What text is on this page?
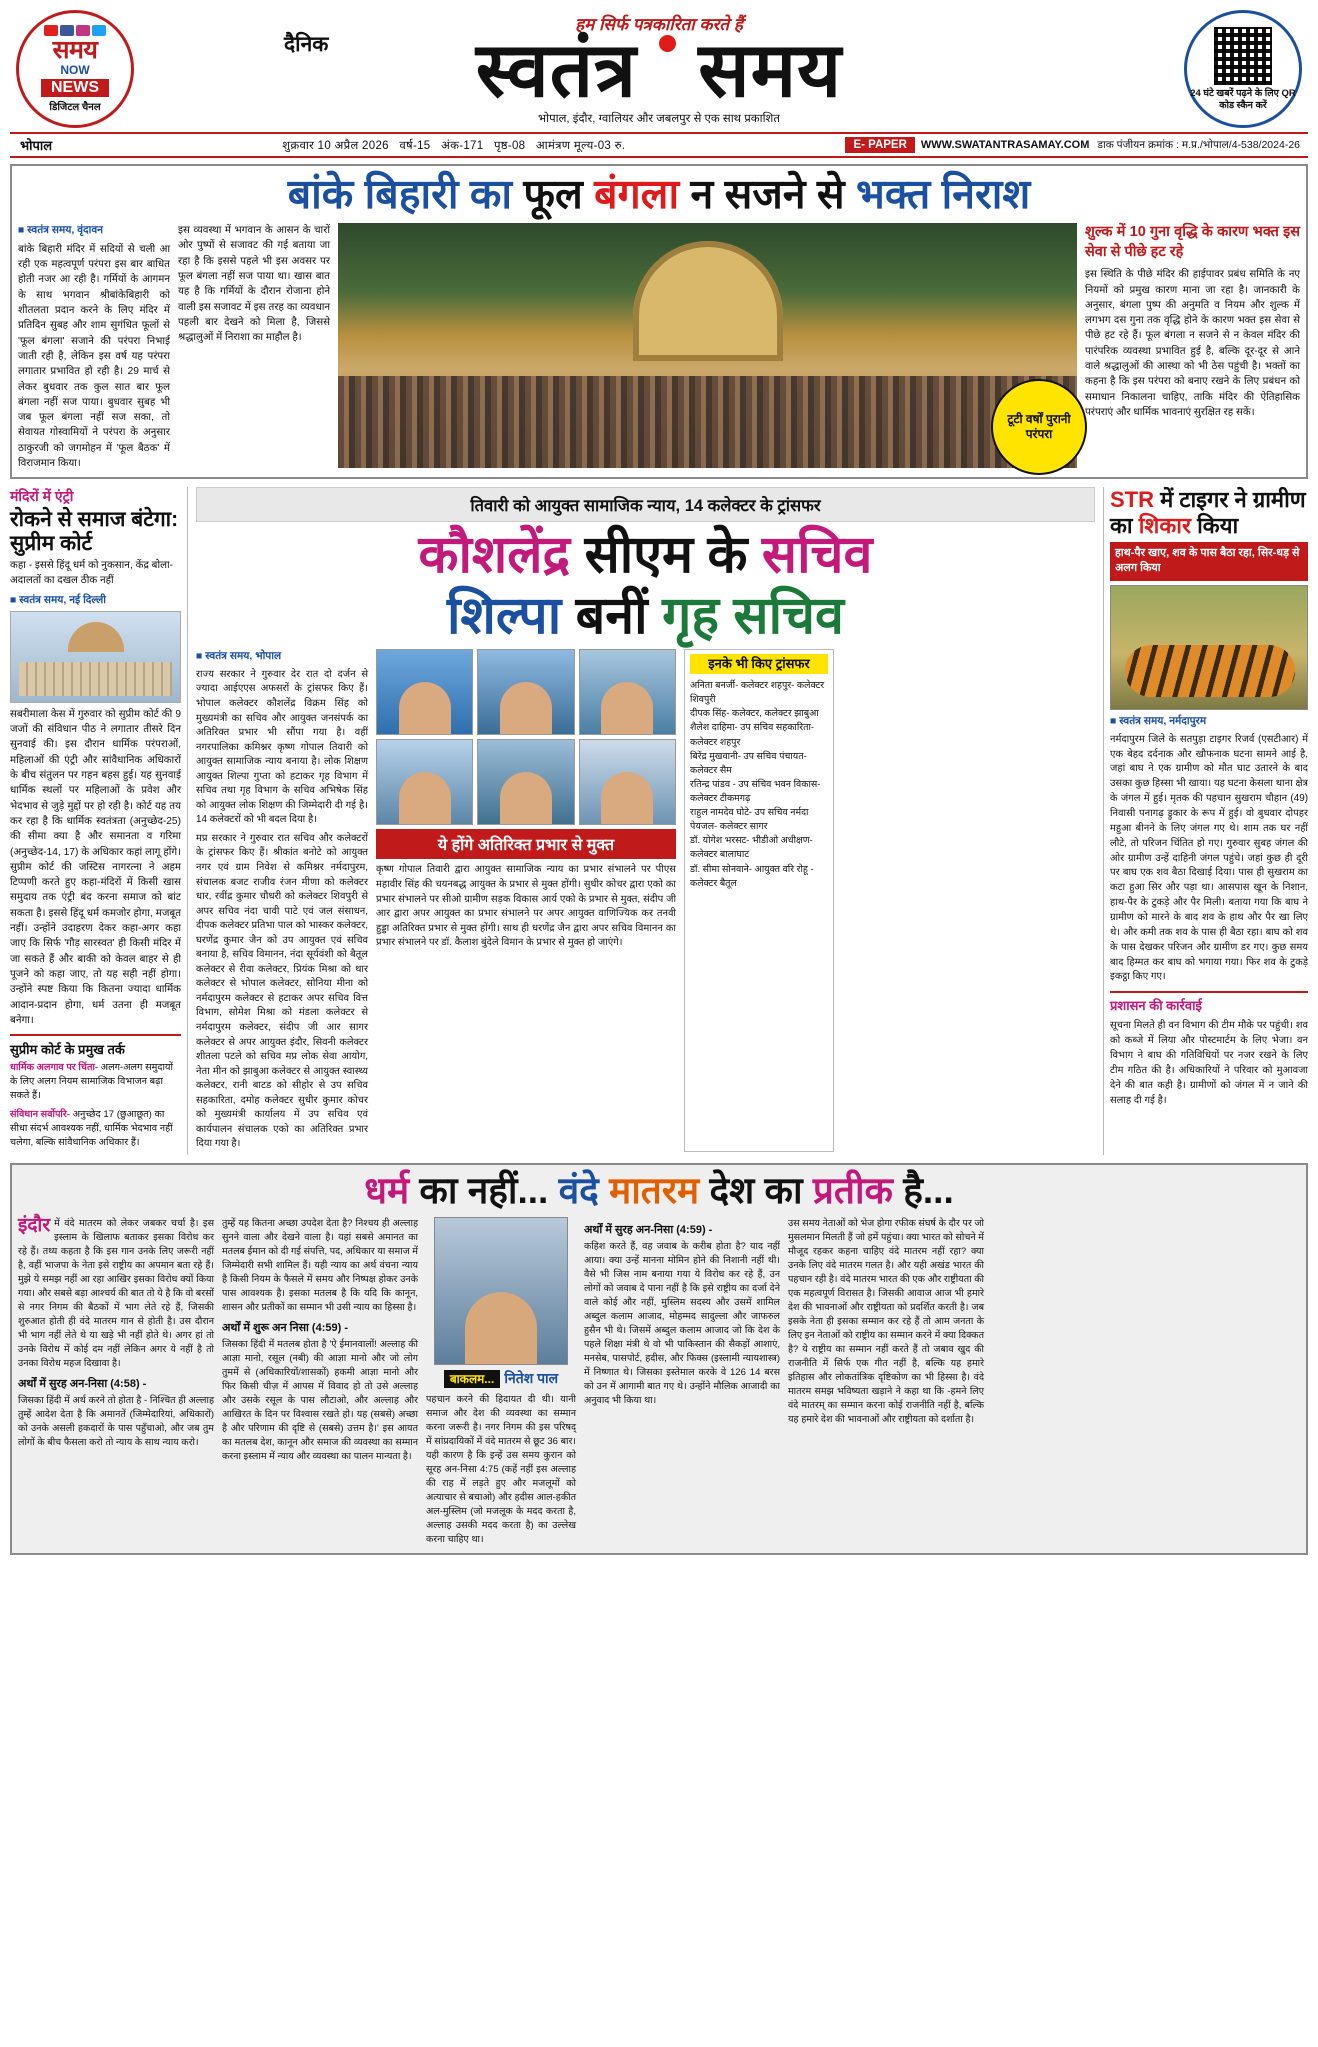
समय
NOW
NEWS
डिजिटल चैनल
दैनिक
हम सिर्फ पत्रकारिता करते हैं
स्वतंत्र समय
भोपाल, इंदौर, ग्वालियर और जबलपुर से एक साथ प्रकाशित
24 घंटे खबरें पढ़ने के लिए QR कोड स्कैन करें
भोपाल	शुक्रवार 10 अप्रैल 2026 वर्ष-15 अंक-171 पृष्ठ-08 आमंत्रण मूल्य-03 रु.	E- PAPER	WWW.SWATANTRASAMAY.COM डाक पंजीयन क्रमांक : म.प्र./भोपाल/4-538/2024-26
बांके बिहारी का फूल बंगला न सजने से भक्त निराश
■ स्वतंत्र समय, वृंदावन
बांके बिहारी मंदिर में सदियों से चली आ रही एक महत्वपूर्ण परंपरा इस बार बाधित होती नजर आ रही है। गर्मियों के आगमन के साथ भगवान श्रीबांकेबिहारी को शीतलता प्रदान करने के लिए मंदिर में प्रतिदिन सुबह और शाम सुगंधित फूलों से 'फूल बंगला' सजाने की परंपरा निभाई जाती रही है, लेकिन इस वर्ष यह परंपरा लगातार प्रभावित हो रही है। 29 मार्च से लेकर बुधवार तक कुल सात बार फूल बंगला नहीं सज पाया। बुधवार सुबह भी जब फूल बंगला नहीं सज सका, तो सेवायत गोस्वामियों ने परंपरा के अनुसार ठाकुरजी को जगमोहन में 'फूल बैठक' में विराजमान किया।
इस व्यवस्था में भगवान के आसन के चारों ओर पुष्पों से सजावट की गई बताया जा रहा है कि इससे पहले भी इस अवसर पर फूल बंगला नहीं सज पाया था। खास बात यह है कि गर्मियों के दौरान रोजाना होने वाली इस सजावट में इस तरह का व्यवधान पहली बार देखने को मिला है, जिससे श्रद्धालुओं में निराशा का माहौल है।
टूटी वर्षों पुरानी परंपरा
शुल्क में 10 गुना वृद्धि के कारण भक्त इस सेवा से पीछे हट रहे
इस स्थिति के पीछे मंदिर की हाईपावर प्रबंध समिति के नए नियमों को प्रमुख कारण माना जा रहा है। जानकारी के अनुसार, बंगला पुष्प की अनुमति व नियम और शुल्क में लगभग दस गुना तक वृद्धि होने के कारण भक्त इस सेवा से पीछे हट रहे हैं। फूल बंगला न सजने से न केवल मंदिर की पारंपरिक व्यवस्था प्रभावित हुई है, बल्कि दूर-दूर से आने वाले श्रद्धालुओं की आस्था को भी ठेस पहुंची है। भक्तों का कहना है कि इस परंपरा को बनाए रखने के लिए प्रबंधन को समाधान निकालना चाहिए, ताकि मंदिर की ऐतिहासिक परंपराएं और धार्मिक भावनाएं सुरक्षित रह सकें।
मंदिरों में एंट्री
रोकने से समाज बंटेगा: सुप्रीम कोर्ट
कहा - इससे हिंदू धर्म को नुकसान, केंद्र बोला-अदालतों का दखल ठीक नहीं
■ स्वतंत्र समय, नई दिल्ली
सबरीमाला केस में गुरुवार को सुप्रीम कोर्ट की 9 जजों की संविधान पीठ ने लगातार तीसरे दिन सुनवाई की। इस दौरान धार्मिक परंपराओं, महिलाओं की एंट्री और सांवैधानिक अधिकारों के बीच संतुलन पर गहन बहस हुई। यह सुनवाई धार्मिक स्थलों पर महिलाओं के प्रवेश और भेदभाव से जुड़े मुद्दों पर हो रही है। कोर्ट यह तय कर रहा है कि धार्मिक स्वतंत्रता (अनुच्छेद-25) की सीमा क्या है और समानता व गरिमा (अनुच्छेद-14, 17) के अधिकार कहां लागू होंगे। सुप्रीम कोर्ट की जस्टिस नागरत्ना ने अहम टिप्पणी करते हुए कहा-मंदिरों में किसी खास समुदाय तक एंट्री बंद करना समाज को बांट सकता है। इससे हिंदू धर्म कमजोर होगा, मजबूत नहीं। उन्होंने उदाहरण देकर कहा-अगर कहा जाए कि सिर्फ 'गौड़ सारस्वत' ही किसी मंदिर में जा सकते हैं और बाकी को केवल बाहर से ही पूजने को कहा जाए, तो यह सही नहीं होगा। उन्होंने स्पष्ट किया कि कितना ज्यादा धार्मिक आदान-प्रदान होगा, धर्म उतना ही मजबूत बनेगा।
सुप्रीम कोर्ट के प्रमुख तर्क
धार्मिक अलगाव पर चिंता- अलग-अलग समुदायों के लिए अलग नियम सामाजिक विभाजन बढ़ा सकते हैं।
संविधान सर्वोपरि- अनुच्छेद 17 (छुआछूत) का सीधा संदर्भ आवश्यक नहीं, धार्मिक भेदभाव नहीं चलेगा, बल्कि सांवैधानिक अधिकार हैं।
तिवारी को आयुक्त सामाजिक न्याय, 14 कलेक्टर के ट्रांसफर
कौशलेंद्र सीएम के सचिव
शिल्पा बनीं गृह सचिव
■ स्वतंत्र समय, भोपाल
राज्य सरकार ने गुरुवार देर रात दो दर्जन से ज्यादा आईएएस अफसरों के ट्रांसफर किए हैं। भोपाल कलेक्टर कौशलेंद्र विक्रम सिंह को मुख्यमंत्री का सचिव और आयुक्त जनसंपर्क का अतिरिक्त प्रभार भी सौंपा गया है। वहीं नगरपालिका कमिश्नर कृष्ण गोपाल तिवारी को आयुक्त सामाजिक न्याय बनाया है। लोक शिक्षण आयुक्त शिल्पा गुप्ता को हटाकर गृह विभाग में सचिव तथा गृह विभाग के सचिव अभिषेक सिंह को आयुक्त लोक शिक्षण की जिम्मेदारी दी गई है। 14 कलेक्टरों को भी बदल दिया है।
मप्र सरकार ने गुरुवार रात सचिव और कलेक्टरों के ट्रांसफर किए हैं। श्रीकांत बनोटे को आयुक्त नगर एवं ग्राम निवेश से कमिश्नर नर्मदापुरम, संचालक बजट राजीव रंजन मीणा को कलेक्टर धार, रवींद्र कुमार चौधरी को कलेक्टर शिवपुरी से अपर सचिव नंदा चावी पाटे एवं जल संसाधन, दीपक कलेक्टर प्रतिभा पाल को भास्कर कलेक्टर, घरणेंद्र कुमार जैन को उप आयुक्त एवं सचिव बनाया है, सचिव विमानन, नंदा सूर्यवंशी को बैतूल कलेक्टर से रीवा कलेक्टर, प्रियंक मिश्रा को थार कलेक्टर से भोपाल कलेक्टर, सोनिया मीना को नर्मदापुरम कलेक्टर से हटाकर अपर सचिव वित्त विभाग, सोमेश मिश्रा को मंडला कलेक्टर से नर्मदापुरम कलेक्टर, संदीप जी आर सागर कलेक्टर से अपर आयुक्त इंदौर, सिवनी कलेक्टर शीतला पटले को सचिव मप्र लोक सेवा आयोग, नेता मीन को झाबुआ कलेक्टर से आयुक्त स्वास्थ्य कलेक्टर, रानी बाटड को सीहोर से उप सचिव सहकारिता, दमोह कलेक्टर सुधीर कुमार कोचर को मुख्यमंत्री कार्यालय में उप सचिव एवं कार्यपालन संचालक एको का अतिरिक्त प्रभार दिया गया है।
ये होंगे अतिरिक्त प्रभार से मुक्त
कृष्ण गोपाल तिवारी द्वारा आयुक्त सामाजिक न्याय का प्रभार संभालने पर पीएस महावीर सिंह की चयनबद्ध आयुक्त के प्रभार से मुक्त होंगी। सुधीर कोचर द्वारा एको का प्रभार संभालने पर सीओ ग्रामीण सड़क विकास आर्य एको के प्रभार से मुक्त, संदीप जी आर द्वारा अपर आयुक्त का प्रभार संभालने पर अपर आयुक्त वाणिज्यिक कर तनवी हुड्डा अतिरिक्त प्रभार से मुक्त होंगी। साथ ही धरणेंद्र जैन द्वारा अपर सचिव विमानन का प्रभार संभालने पर डॉ. कैलाश बुंदेले विमान के प्रभार से मुक्त हो जाएंगे।
इनके भी किए ट्रांसफर
अनिता बनर्जी- कलेक्टर शहपुर- कलेक्टर शिवपुरी
दीपक सिंह- कलेक्टर, कलेक्टर झाबुआ
शैलेश दाहिमा- उप सचिव सहकारिता- कलेक्टर शहपुर
बिरेंद्र मुखवानी- उप सचिव पंचायत- कलेक्टर सैम
रतिन्द्र पांडव - उप संचिव भवन विकास- कलेक्टर टीकमगढ़
राहुल नामदेव घोटे- उप सचिव नर्मदा पेयजल- कलेक्टर सागर
डॉ. योगेश भरसट- भीडीओ अधीक्षण- कलेक्टर बालाघाट
डॉ. सीमा सोनवाने- आयुक्त वरि रोहू - कलेक्टर बैतूल
STR में टाइगर ने ग्रामीण का शिकार किया
हाथ-पैर खाए, शव के पास बैठा रहा, सिर-धड़ से अलग किया
■ स्वतंत्र समय, नर्मदापुरम
नर्मदापुरम जिले के सतपुड़ा टाइगर रिजर्व (एसटीआर) में एक बेहद दर्दनाक और खौफनाक घटना सामने आई है, जहां बाघ ने एक ग्रामीण को मौत घाट उतारने के बाद उसका कुछ हिस्सा भी खाया। यह घटना केसला थाना क्षेत्र के जंगल में हुई। मृतक की पहचान सुखराम चौहान (49) निवासी पनागढ़ ड्रुकार के रूप में हुई। वो बुधवार दोपहर महुआ बीनने के लिए जंगल गए थे। शाम तक घर नहीं लौटे, तो परिजन चिंतित हो गए। गुरुवार सुबह जंगल की ओर ग्रामीण उन्हें दाहिनी जंगल पहुंचे। जहां कुछ ही दूरी पर बाघ एक शव बैठा दिखाई दिया। पास ही सुखराम का कटा हुआ सिर और पड़ा था। आसपास खून के निशान, हाथ-पैर के टुकड़े और पैर मिली। बताया गया कि बाघ ने ग्रामीण को मारने के बाद शव के हाथ और पैर खा लिए थे। और कमी तक शव के पास ही बैठा रहा। बाघ को शव के पास देखकर परिजन और ग्रामीण डर गए। कुछ समय बाद हिम्मत कर बाघ को भगाया गया। फिर शव के टुकड़े इकट्ठा किए गए।
प्रशासन की कार्रवाई
सूचना मिलते ही वन विभाग की टीम मौके पर पहुंची। शव को कब्जे में लिया और पोस्टमार्टम के लिए भेजा। वन विभाग ने बाघ की गतिविधियों पर नजर रखने के लिए टीम गठित की है। अधिकारियों ने परिवार को मुआवजा देने की बात कही है। ग्रामीणों को जंगल में न जाने की सलाह दी गई है।
धर्म का नहीं... वंदे मातरम देश का प्रतीक है...
इंदौर में वंदे मातरम को लेकर जबकर चर्चा है। इस इस्लाम के खिलाफ बताकर इसका विरोध कर रहे हैं। तथ्य कहता है कि इस गान उनके लिए जरूरी नहीं है, वहीं भाजपा के नेता इसे राष्ट्रीय का अपमान बता रहे हैं। मुझे ये समझ नहीं आ रहा आखिर इसका विरोध क्यों किया गया। और सबसे बड़ा आश्चर्य की बात तो ये है कि वो बरसों से नगर निगम की बैठकों में भाग लेते रहे हैं, जिसकी शुरुआत होती ही वंदे मातरम गान से होती है। उस दौरान भी भाग नहीं लेते थे या खड़े भी नहीं होते थे। अगर हां तो उनके विरोध में कोई दम नहीं लेकिन अगर ये नहीं है तो उनका विरोध महज दिखावा है।
अर्थों में सुरह अन-निसा (4:58) -
जिसका हिंदी में अर्थ करने तो होता है - निश्चित ही अल्लाह तुम्हें आदेश देता है कि अमानतें (जिम्मेदारियां, अधिकारों) को उनके असली हकदारों के पास पहुँचाओ, और जब तुम लोगों के बीच फैसला करो तो न्याय के साथ न्याय करो।
तुम्हें यह कितना अच्छा उपदेश देता है? निश्चय ही अल्लाह सुनने वाला और देखने वाला है। यहां सबसे अमानत का मतलब ईमान को दी गई संपत्ति, पद, अधिकार या समाज में जिम्मेदारी सभी शामिल हैं। यही न्याय का अर्थ वंचना न्याय है किसी नियम के फैसले में समय और निष्पक्ष होकर उनके पास आवश्यक है। इसका मतलब है कि यदि कि कानून, शासन और प्रतीकों का सम्मान भी उसी न्याय का हिस्सा है।
अर्थों में शुरू अन निसा (4:59) -
जिसका हिंदी में मतलब होता है 'ऐ ईमानवालों! अल्लाह की आज्ञा मानो, रसूल (नबी) की आज्ञा मानो और जो लोग तुममें से (अधिकारियों/शासकों) हकमी आज्ञा मानो और फिर किसी चीज़ में आपस में विवाद हो तो उसे अल्लाह और उसके रसूल के पास लौटाओ, और अल्लाह और आखिरत के दिन पर विश्वास रखते हो। यह (सबसे) अच्छा है और परिणाम की दृष्टि से (सबसे) उत्तम है।' इस आयत का मतलब देश, कानून और समाज की व्यवस्था का सम्मान करना इस्लाम में न्याय और व्यवस्था का पालन मान्यता है।
बाकलम... नितेश पाल
पहचान करने की हिदायत दी थी। यानी समाज और देश की व्यवस्था का सम्मान करना जरूरी है। नगर निगम की इस परिषद् में सांप्रदायिकों में वंदे मातरम से छूट 36 बार। यही कारण है कि इन्हें उस समय कुरान को सूरह अन-निसा 4:75 (कहें नहीं इस अल्लाह की राह में लड़ते हुए और मजलूमों को अत्याचार से बचाओ) और हदीस आल-हकीत अल-मुस्लिम (जो मजलूक के मदद करता है, अल्लाह उसकी मदद करता है) का उल्लेख करना चाहिए था।
अर्थों में सुरह अन-निसा (4:59) -
कहिश करते हैं, वह जवाब के करीब होता है? याद नहीं आया। क्या उन्हें मानना मोमिन होने की निशानी नहीं थी। वैसे भी जिस नाम बनाया गया ये विरोध कर रहे हैं, उन लोगों को जवाब दे पाना नहीं है कि इसे राष्ट्रीय का दर्जा देने वाले कोई और नहीं, मुस्लिम सदस्य और उसमें शामिल अब्दुल कलाम आजाद, मोहम्मद सादुल्ला और जाफरुल हुसैन भी थे। जिसमें अब्दुल कलाम आजाद जो कि देश के पहले शिक्षा मंत्री थे वो भी पाकिस्तान की सैकड़ों आशाएं, मनसेब, पासपोर्ट, हदीस, और फिक्स (इस्लामी न्यायशास्त्र) में निष्णात थे। जिसका इस्तेमाल करके वे 126 14 बरस को उन में आगामी बात गए थे। उन्होंने मौलिक आजादी का अनुवाद भी किया था।
उस समय नेताओं को भेज होगा रफीक संघर्ष के दौर पर जो मुसलमान मिलती हैं जो हमें पहुंचा। क्या भारत को सोचने में मौजूद रहकर कहना चाहिए वंदे मातरम नहीं रहा? क्या उनके लिए वंदे मातरम गलत है। और यही अखंड भारत की पहचान रही है। वंदे मातरम भारत की एक और राष्ट्रीयता की एक महत्वपूर्ण विरासत है। जिसकी आवाज आज भी हमारे देश की भावनाओं और राष्ट्रीयता को प्रदर्शित करती है। जब इसके नेता ही इसका सम्मान कर रहे हैं तो आम जनता के लिए इन नेताओं को राष्ट्रीय का सम्मान करने में क्या दिक्कत है? ये राष्ट्रीय का सम्मान नहीं करते हैं तो जबाव खुद की राजनीति में सिर्फ एक गीत नहीं है, बल्कि यह हमारे इतिहास और लोकतांत्रिक दृष्टिकोण का भी हिस्सा है। वंदे मातरम समझ भविष्यता खड़ाने ने कहा था कि -हमने लिए वंदे मातरम् का सम्मान करना कोई राजनीति नहीं है, बल्कि यह हमारे देश की भावनाओं और राष्ट्रीयता को दर्शाता है।
